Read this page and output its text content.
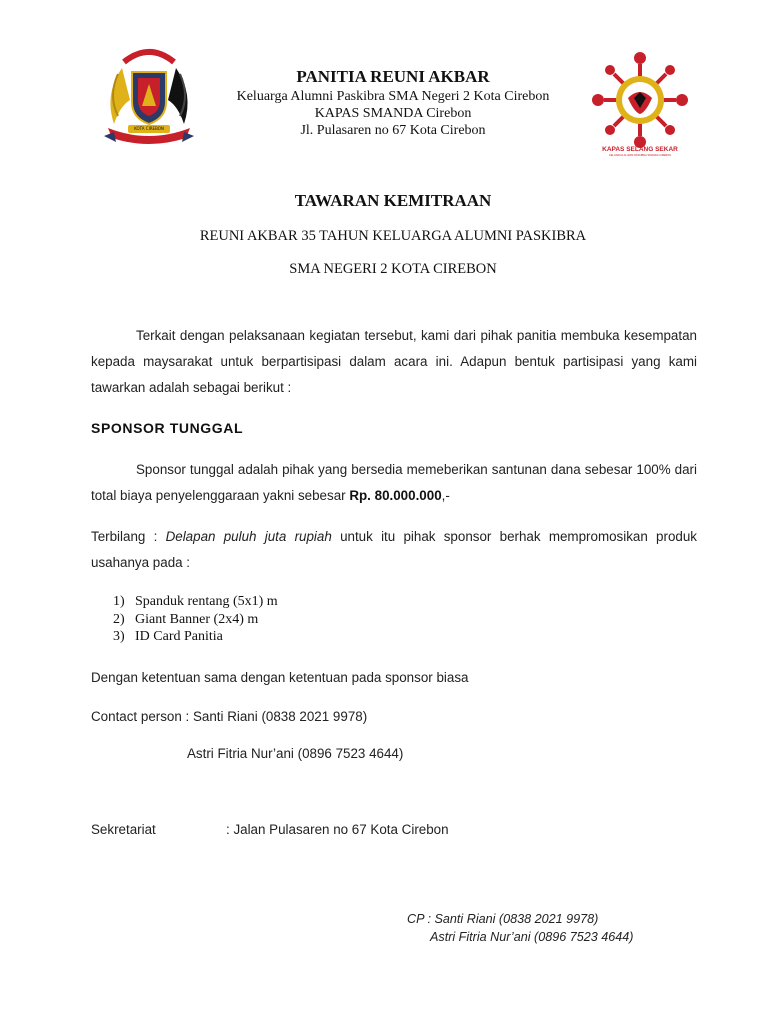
KOTA CIREBON
PANITIA REUNI AKBAR
Keluarga Alumni Paskibra SMA Negeri 2 Kota Cirebon
KAPAS SMANDA Cirebon
Jl. Pulasaren no 67 Kota Cirebon
KAPAS SELANG SEKAR
KELUARGA ALUMNI PASKIBRA SMANDA CIREBON
TAWARAN KEMITRAAN
REUNI AKBAR 35 TAHUN KELUARGA ALUMNI PASKIBRA
SMA NEGERI 2 KOTA CIREBON
Terkait dengan pelaksanaan kegiatan tersebut, kami dari pihak panitia membuka kesempatan kepada maysarakat untuk berpartisipasi dalam acara ini. Adapun bentuk partisipasi yang kami tawarkan adalah sebagai berikut :
SPONSOR TUNGGAL
Sponsor tunggal adalah pihak yang bersedia memeberikan santunan dana sebesar 100% dari total biaya penyelenggaraan yakni sebesar Rp. 80.000.000,-
Terbilang : Delapan puluh juta rupiah untuk itu pihak sponsor berhak mempromosikan produk usahanya pada :
1) Spanduk rentang (5x1) m
2) Giant Banner (2x4) m
3) ID Card Panitia
Dengan ketentuan sama dengan ketentuan pada sponsor biasa
Contact person : Santi Riani (0838 2021 9978)
Astri Fitria Nur’ani (0896 7523 4644)
Sekretariat	: Jalan Pulasaren no 67 Kota Cirebon
CP : Santi Riani (0838 2021 9978)
Astri Fitria Nur’ani (0896 7523 4644)
